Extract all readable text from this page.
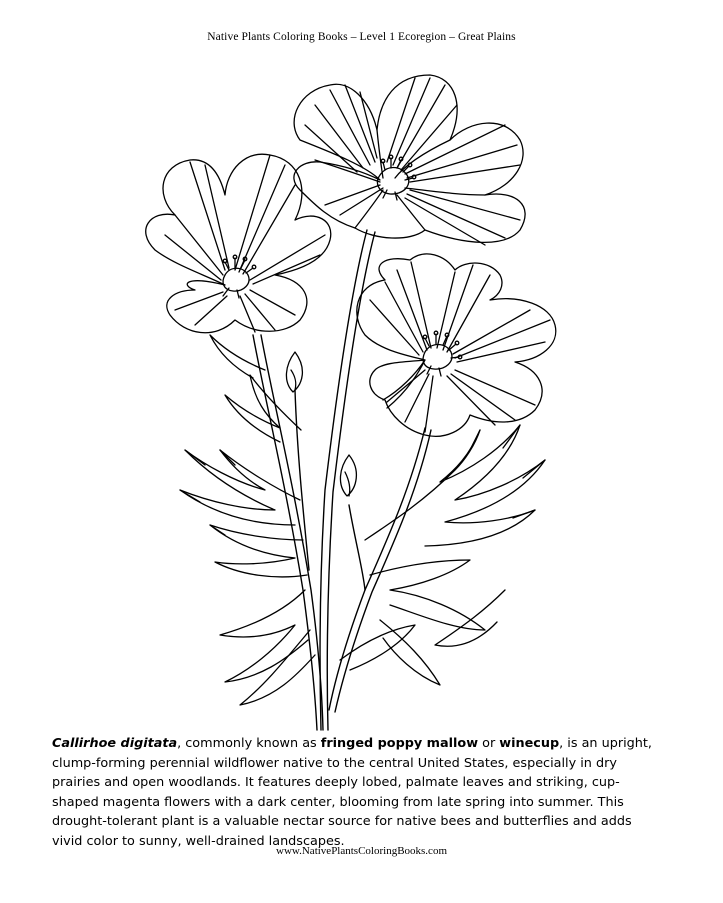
Native Plants Coloring Books – Level 1 Ecoregion – Great Plains
Callirhoe digitata, commonly known as fringed poppy mallow or winecup, is an upright, clump-forming perennial wildflower native to the central United States, especially in dry prairies and open woodlands. It features deeply lobed, palmate leaves and striking, cup-shaped magenta flowers with a dark center, blooming from late spring into summer. This drought-tolerant plant is a valuable nectar source for native bees and butterflies and adds vivid color to sunny, well-drained landscapes.
www.NativePlantsColoringBooks.com
